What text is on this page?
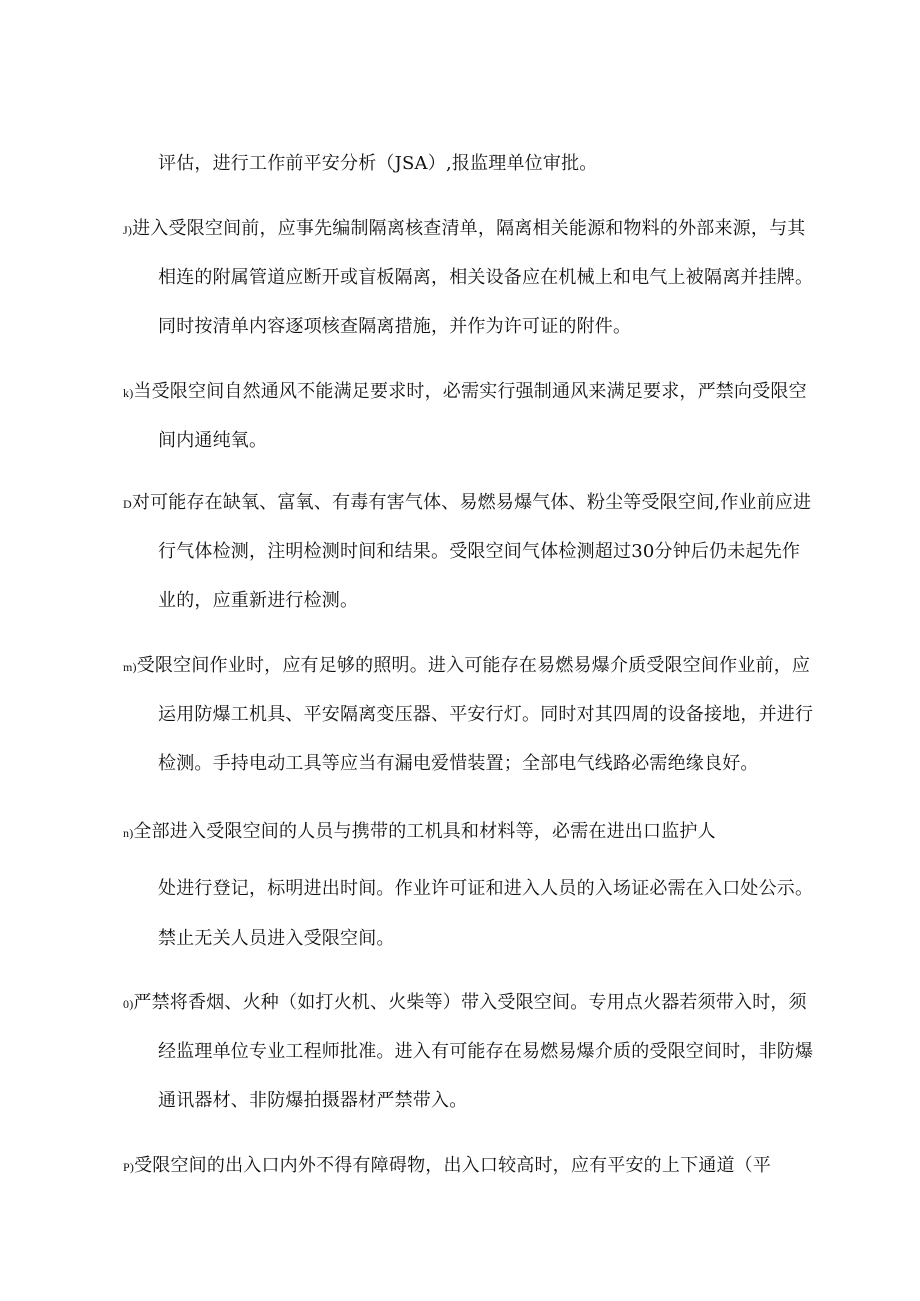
评估，进行工作前平安分析（JSA）,报监理单位审批。
J)进入受限空间前，应事先编制隔离核查清单，隔离相关能源和物料的外部来源，与其
相连的附属管道应断开或盲板隔离，相关设备应在机械上和电气上被隔离并挂牌。
同时按清单内容逐项核查隔离措施，并作为许可证的附件。
k)当受限空间自然通风不能满足要求时，必需实行强制通风来满足要求，严禁向受限空
间内通纯氧。
D对可能存在缺氧、富氧、有毒有害气体、易燃易爆气体、粉尘等受限空间,作业前应进
行气体检测，注明检测时间和结果。受限空间气体检测超过30分钟后仍未起先作
业的，应重新进行检测。
m)受限空间作业时，应有足够的照明。进入可能存在易燃易爆介质受限空间作业前，应
运用防爆工机具、平安隔离变压器、平安行灯。同时对其四周的设备接地，并进行
检测。手持电动工具等应当有漏电爱惜装置；全部电气线路必需绝缘良好。
n)全部进入受限空间的人员与携带的工机具和材料等，必需在进出口监护人
处进行登记，标明进出时间。作业许可证和进入人员的入场证必需在入口处公示。
禁止无关人员进入受限空间。
0)严禁将香烟、火种（如打火机、火柴等）带入受限空间。专用点火器若须带入时，须
经监理单位专业工程师批准。进入有可能存在易燃易爆介质的受限空间时，非防爆
通讯器材、非防爆拍摄器材严禁带入。
P)受限空间的出入口内外不得有障碍物，出入口较高时，应有平安的上下通道（平
